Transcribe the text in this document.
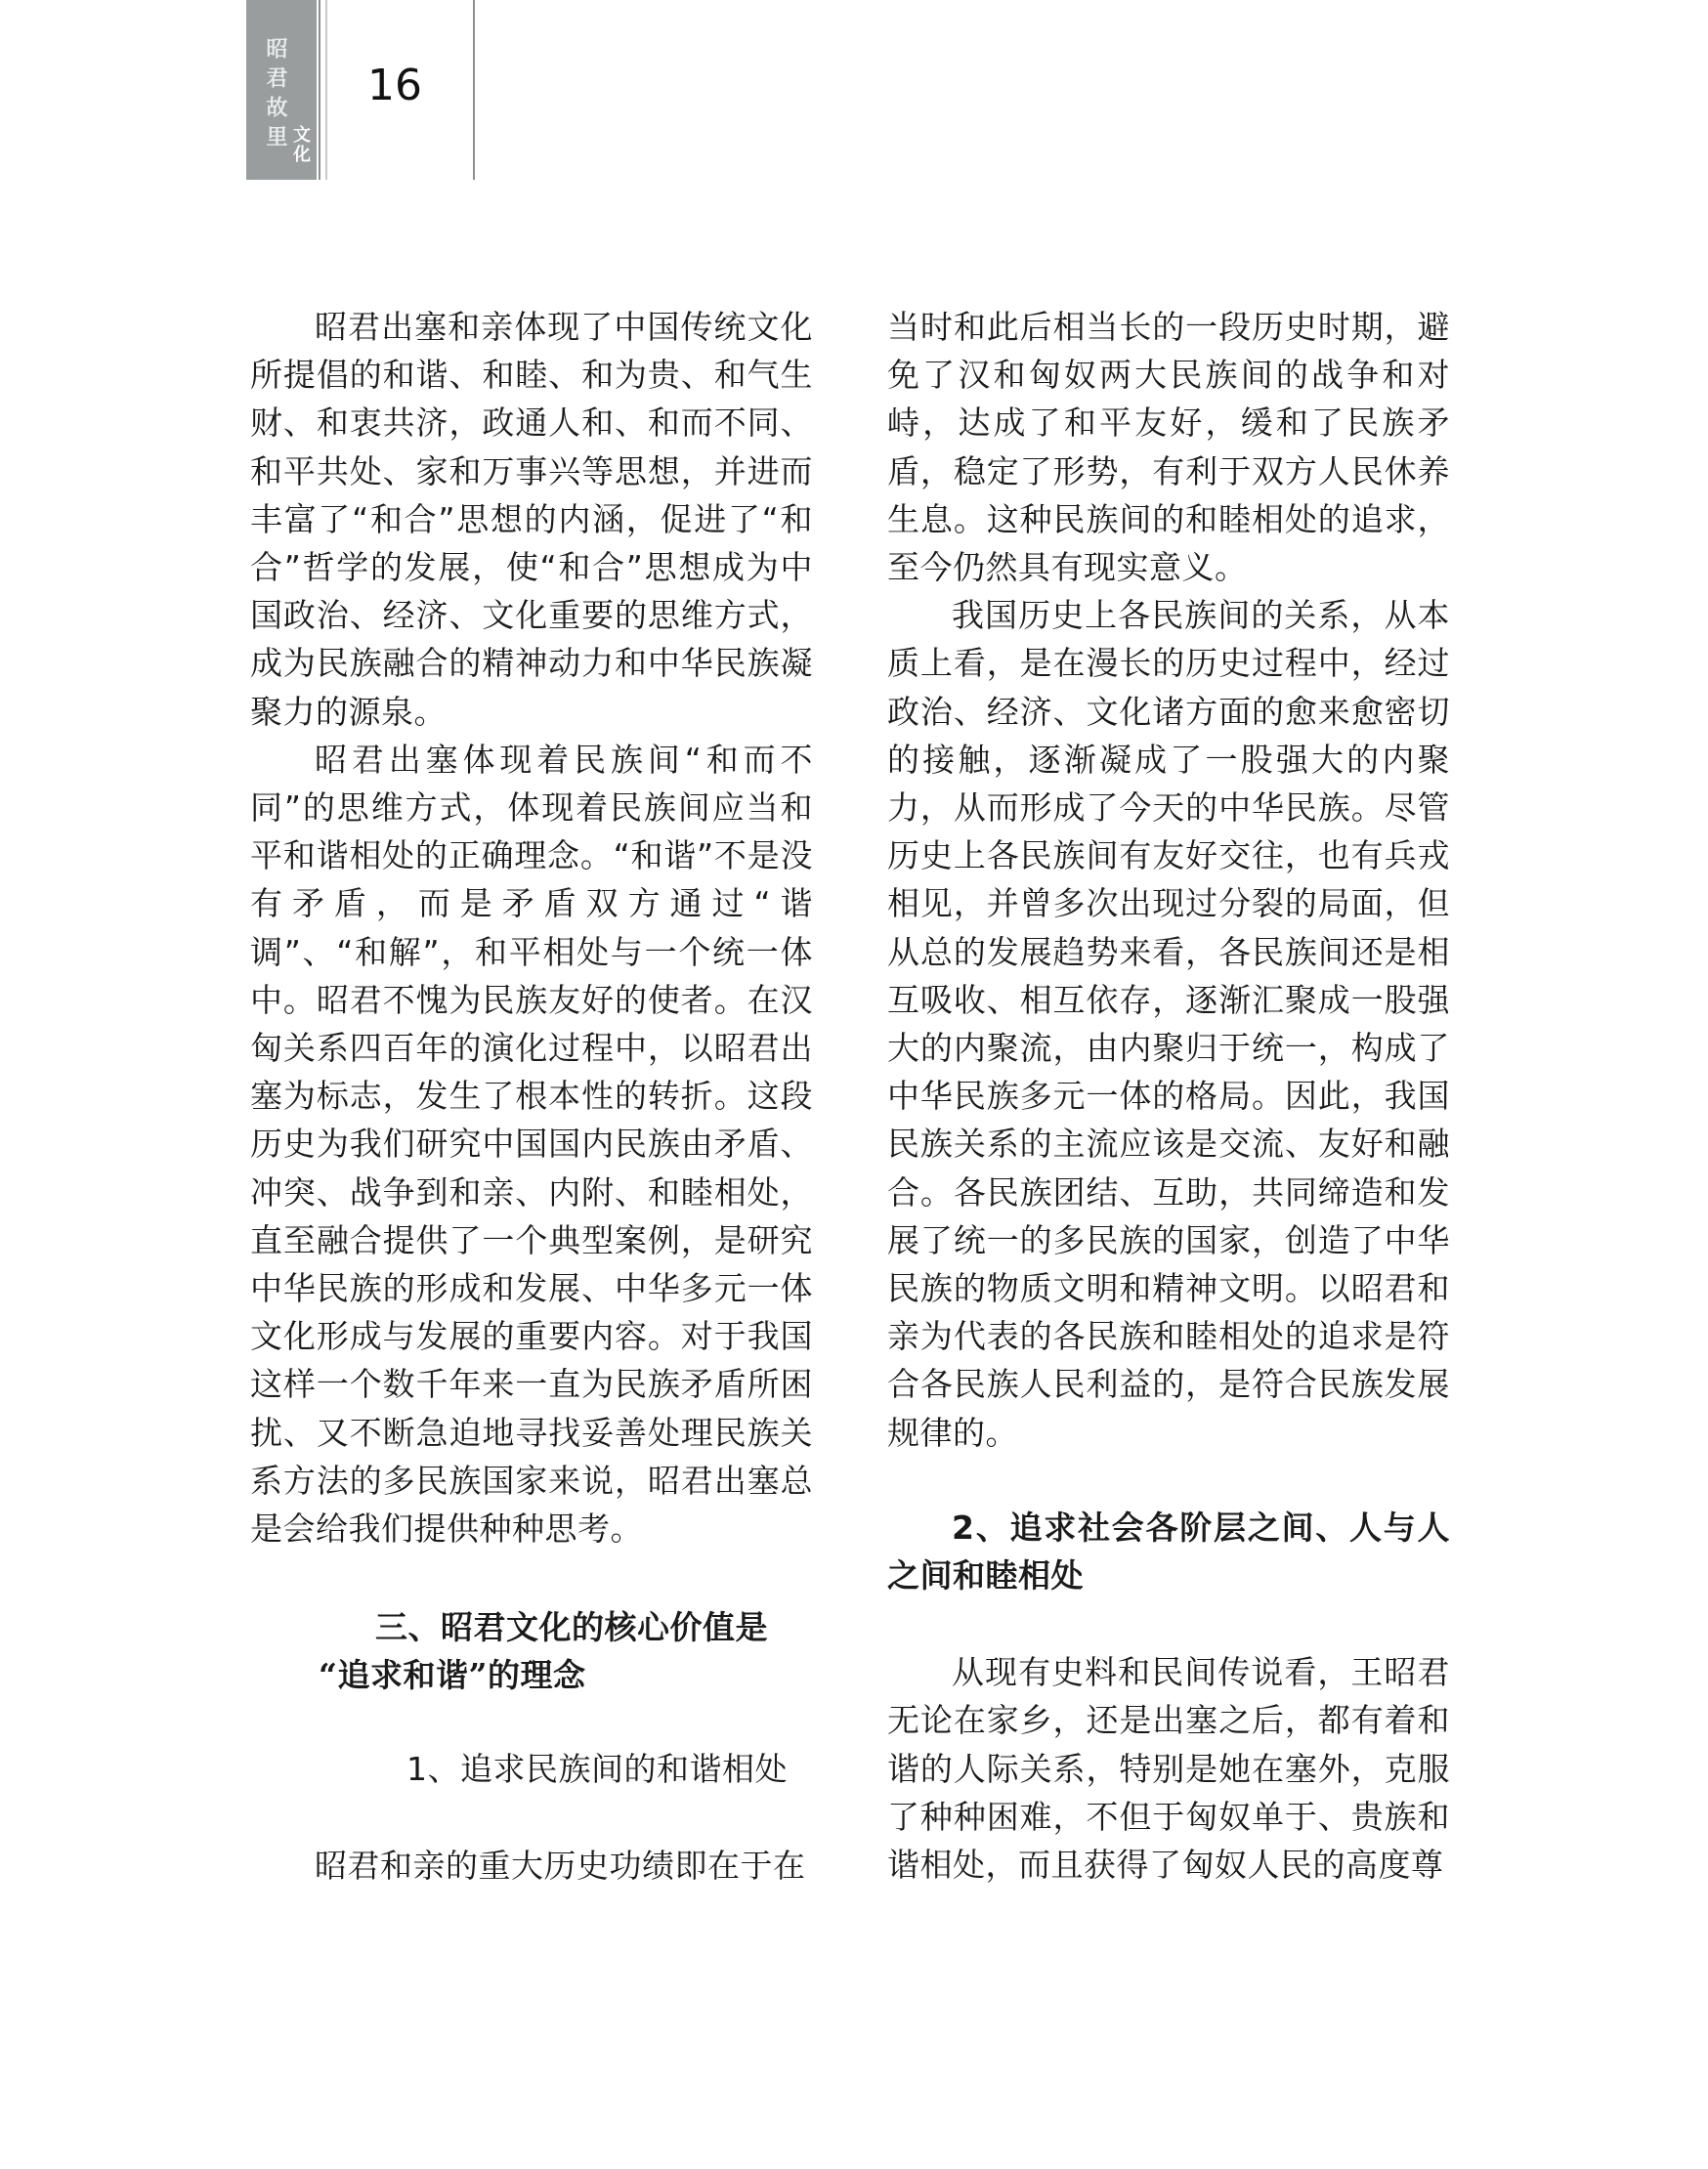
昭君故里 文化
16

昭君出塞和亲体现了中国传统文化所提倡的和谐、和睦、和为贵、和气生财、和衷共济，政通人和、和而不同、和平共处、家和万事兴等思想，并进而丰富了“和合”思想的内涵，促进了“和合”哲学的发展，使“和合”思想成为中国政治、经济、文化重要的思维方式，成为民族融合的精神动力和中华民族凝聚力的源泉。

昭君出塞体现着民族间“和而不同”的思维方式，体现着民族间应当和平和谐相处的正确理念。“和谐”不是没有矛盾，而是矛盾双方通过“谐调”、“和解”，和平相处与一个统一体中。昭君不愧为民族友好的使者。在汉匈关系四百年的演化过程中，以昭君出塞为标志，发生了根本性的转折。这段历史为我们研究中国国内民族由矛盾、冲突、战争到和亲、内附、和睦相处，直至融合提供了一个典型案例，是研究中华民族的形成和发展、中华多元一体文化形成与发展的重要内容。对于我国这样一个数千年来一直为民族矛盾所困扰、又不断急迫地寻找妥善处理民族关系方法的多民族国家来说，昭君出塞总是会给我们提供种种思考。

三、昭君文化的核心价值是

“追求和谐”的理念

1、追求民族间的和谐相处

昭君和亲的重大历史功绩即在于在

当时和此后相当长的一段历史时期，避免了汉和匈奴两大民族间的战争和对峙，达成了和平友好，缓和了民族矛盾，稳定了形势，有利于双方人民休养生息。这种民族间的和睦相处的追求，至今仍然具有现实意义。

我国历史上各民族间的关系，从本质上看，是在漫长的历史过程中，经过政治、经济、文化诸方面的愈来愈密切的接触，逐渐凝成了一股强大的内聚力，从而形成了今天的中华民族。尽管历史上各民族间有友好交往，也有兵戎相见，并曾多次出现过分裂的局面，但从总的发展趋势来看，各民族间还是相互吸收、相互依存，逐渐汇聚成一股强大的内聚流，由内聚归于统一，构成了中华民族多元一体的格局。因此，我国民族关系的主流应该是交流、友好和融合。各民族团结、互助，共同缔造和发展了统一的多民族的国家，创造了中华民族的物质文明和精神文明。以昭君和亲为代表的各民族和睦相处的追求是符合各民族人民利益的，是符合民族发展规律的。

2、追求社会各阶层之间、人与人之间和睦相处

从现有史料和民间传说看，王昭君无论在家乡，还是出塞之后，都有着和谐的人际关系，特别是她在塞外，克服了种种困难，不但于匈奴单于、贵族和谐相处，而且获得了匈奴人民的高度尊
